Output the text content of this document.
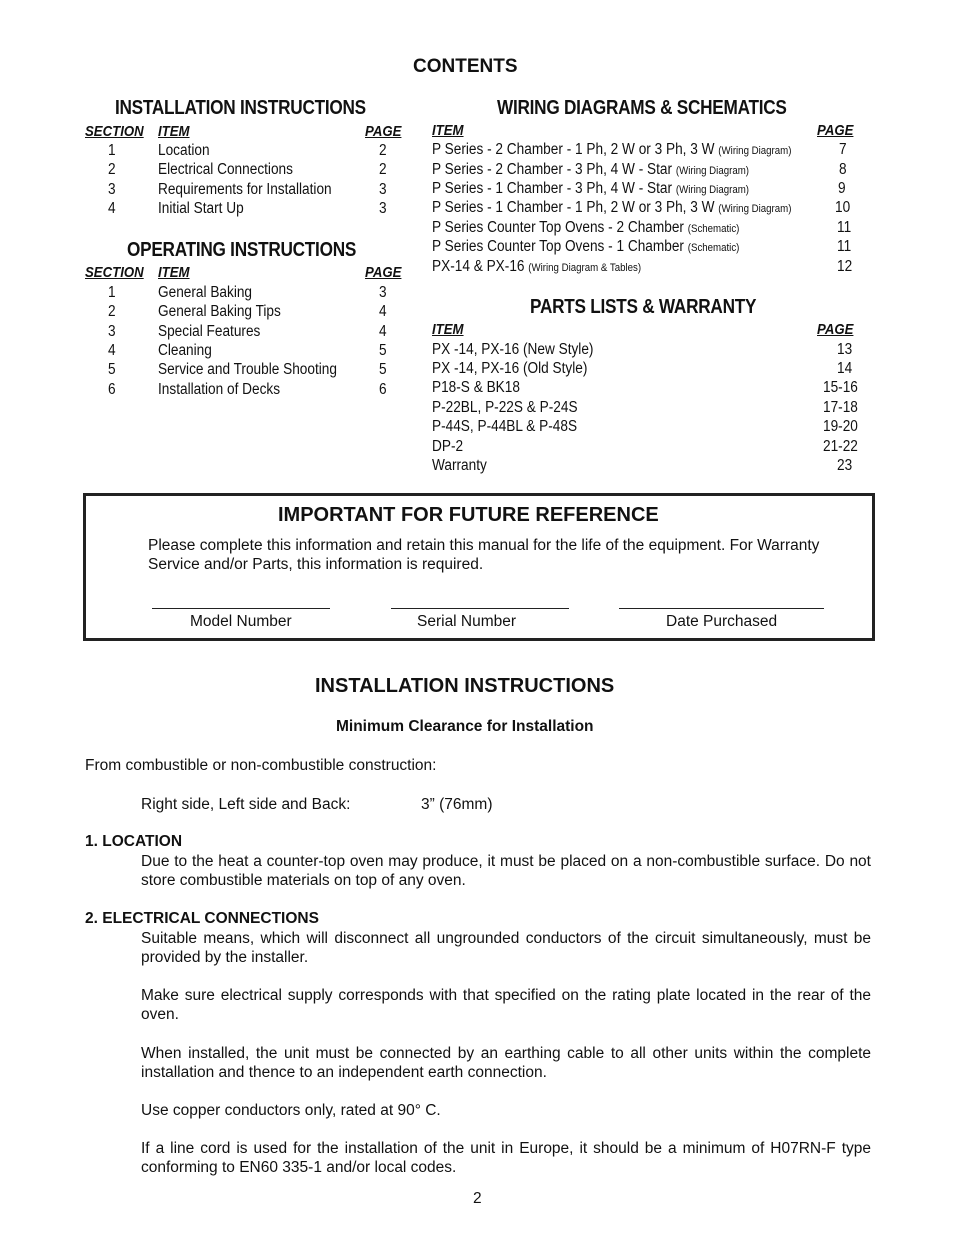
CONTENTS
INSTALLATION INSTRUCTIONS
SECTION ITEM	PAGE
1	Location	2
2	Electrical Connections	2
3	Requirements for Installation	3
4	Initial Start Up	3
OPERATING INSTRUCTIONS
SECTION ITEM	PAGE
1	General Baking	3
2	General Baking Tips	4
3	Special Features	4
4	Cleaning	5
5	Service and Trouble Shooting	5
6	Installation of Decks	6
WIRING DIAGRAMS & SCHEMATICS
ITEM	PAGE
P Series - 2 Chamber - 1 Ph, 2 W or 3 Ph, 3 W (Wiring Diagram)	7
P Series - 2 Chamber - 3 Ph, 4 W - Star (Wiring Diagram)	8
P Series - 1 Chamber - 3 Ph, 4 W - Star (Wiring Diagram)	9
P Series - 1 Chamber - 1 Ph, 2 W or 3 Ph, 3 W (Wiring Diagram)	10
P Series Counter Top Ovens - 2 Chamber (Schematic)	11
P Series Counter Top Ovens - 1 Chamber (Schematic)	11
PX-14 & PX-16 (Wiring Diagram & Tables)	12
PARTS LISTS & WARRANTY
ITEM	PAGE
PX -14, PX-16 (New Style)	13
PX -14, PX-16 (Old Style)	14
P18-S & BK18	15-16
P-22BL, P-22S & P-24S	17-18
P-44S, P-44BL & P-48S	19-20
DP-2	21-22
Warranty	23
IMPORTANT FOR FUTURE REFERENCE
Please complete this information and retain this manual for the life of the equipment. For Warranty Service and/or Parts, this information is required.
Model Number	Serial Number	Date Purchased
INSTALLATION INSTRUCTIONS
Minimum Clearance for Installation
From combustible or non-combustible construction:
Right side, Left side and Back:	3” (76mm)
1. LOCATION
Due to the heat a counter-top oven may produce, it must be placed on a non-combustible surface. Do not store combustible materials on top of any oven.
2. ELECTRICAL CONNECTIONS
Suitable means, which will disconnect all ungrounded conductors of the circuit simultaneously, must be provided by the installer.
Make sure electrical supply corresponds with that specified on the rating plate located in the rear of the oven.
When installed, the unit must be connected by an earthing cable to all other units within the complete installation and thence to an independent earth connection.
Use copper conductors only, rated at 90° C.
If a line cord is used for the installation of the unit in Europe, it should be a minimum of H07RN-F type conforming to EN60 335-1 and/or local codes.
2
